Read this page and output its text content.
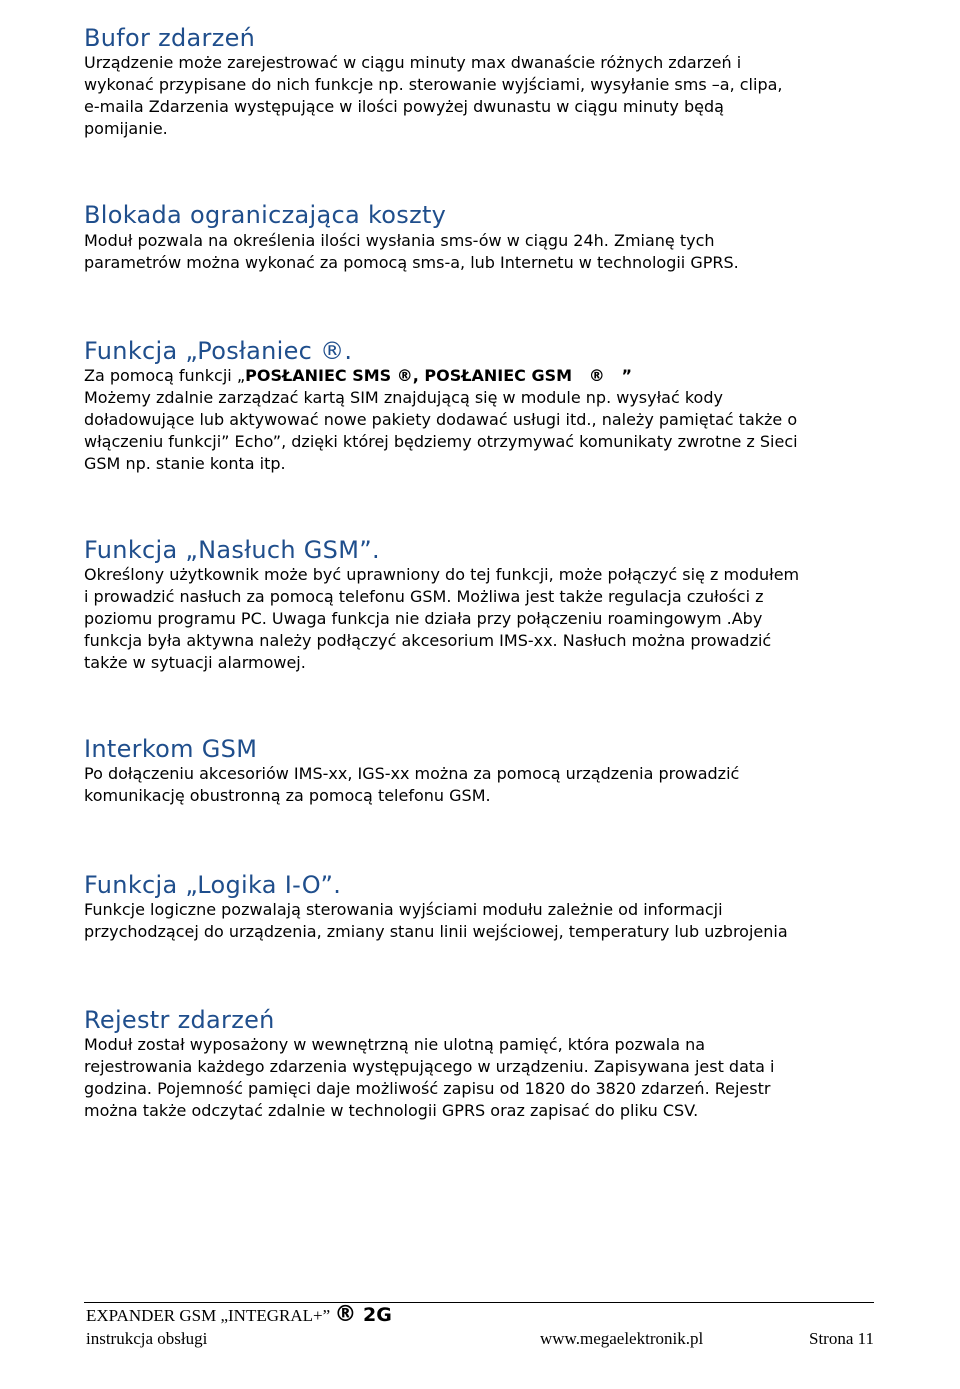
Bufor zdarzeń
Urządzenie może zarejestrować w ciągu minuty max dwanaście różnych zdarzeń i
wykonać przypisane do nich funkcje np. sterowanie wyjściami, wysyłanie sms –a, clipa,
e-maila Zdarzenia występujące w ilości powyżej dwunastu w ciągu minuty będą
pomijanie.
Blokada ograniczająca koszty
Moduł pozwala na określenia ilości wysłania sms-ów w ciągu 24h. Zmianę tych
parametrów można wykonać za pomocą sms-a, lub Internetu w technologii GPRS.
Funkcja „Posłaniec ®.
Za pomocą funkcji „POSŁANIEC SMS ®, POSŁANIEC GSM   ®   ”
Możemy zdalnie zarządzać kartą SIM znajdującą się w module np. wysyłać kody
doładowujące lub aktywować nowe pakiety dodawać usługi itd., należy pamiętać także o
włączeniu funkcji” Echo”, dzięki której będziemy otrzymywać komunikaty zwrotne z Sieci
GSM np. stanie konta itp.
Funkcja „Nasłuch GSM”.
Określony użytkownik może być uprawniony do tej funkcji, może połączyć się z modułem
i prowadzić nasłuch za pomocą telefonu GSM. Możliwa jest także regulacja czułości z
poziomu programu PC. Uwaga funkcja nie działa przy połączeniu roamingowym .Aby
funkcja była aktywna należy podłączyć akcesorium IMS-xx. Nasłuch można prowadzić
także w sytuacji alarmowej.
Interkom GSM
Po dołączeniu akcesoriów IMS-xx, IGS-xx można za pomocą urządzenia prowadzić
komunikację obustronną za pomocą telefonu GSM.
Funkcja „Logika I-O”.
Funkcje logiczne pozwalają sterowania wyjściami modułu zależnie od informacji
przychodzącej do urządzenia, zmiany stanu linii wejściowej, temperatury lub uzbrojenia
Rejestr zdarzeń
Moduł został wyposażony w wewnętrzną nie ulotną pamięć, która pozwala na
rejestrowania każdego zdarzenia występującego w urządzeniu. Zapisywana jest data i
godzina. Pojemność pamięci daje możliwość zapisu od 1820 do 3820 zdarzeń. Rejestr
można także odczytać zdalnie w technologii GPRS oraz zapisać do pliku CSV.
EXPANDER GSM „INTEGRAL+” ® 2G
instrukcja obsługi	www.megaelektronik.pl	Strona 11
